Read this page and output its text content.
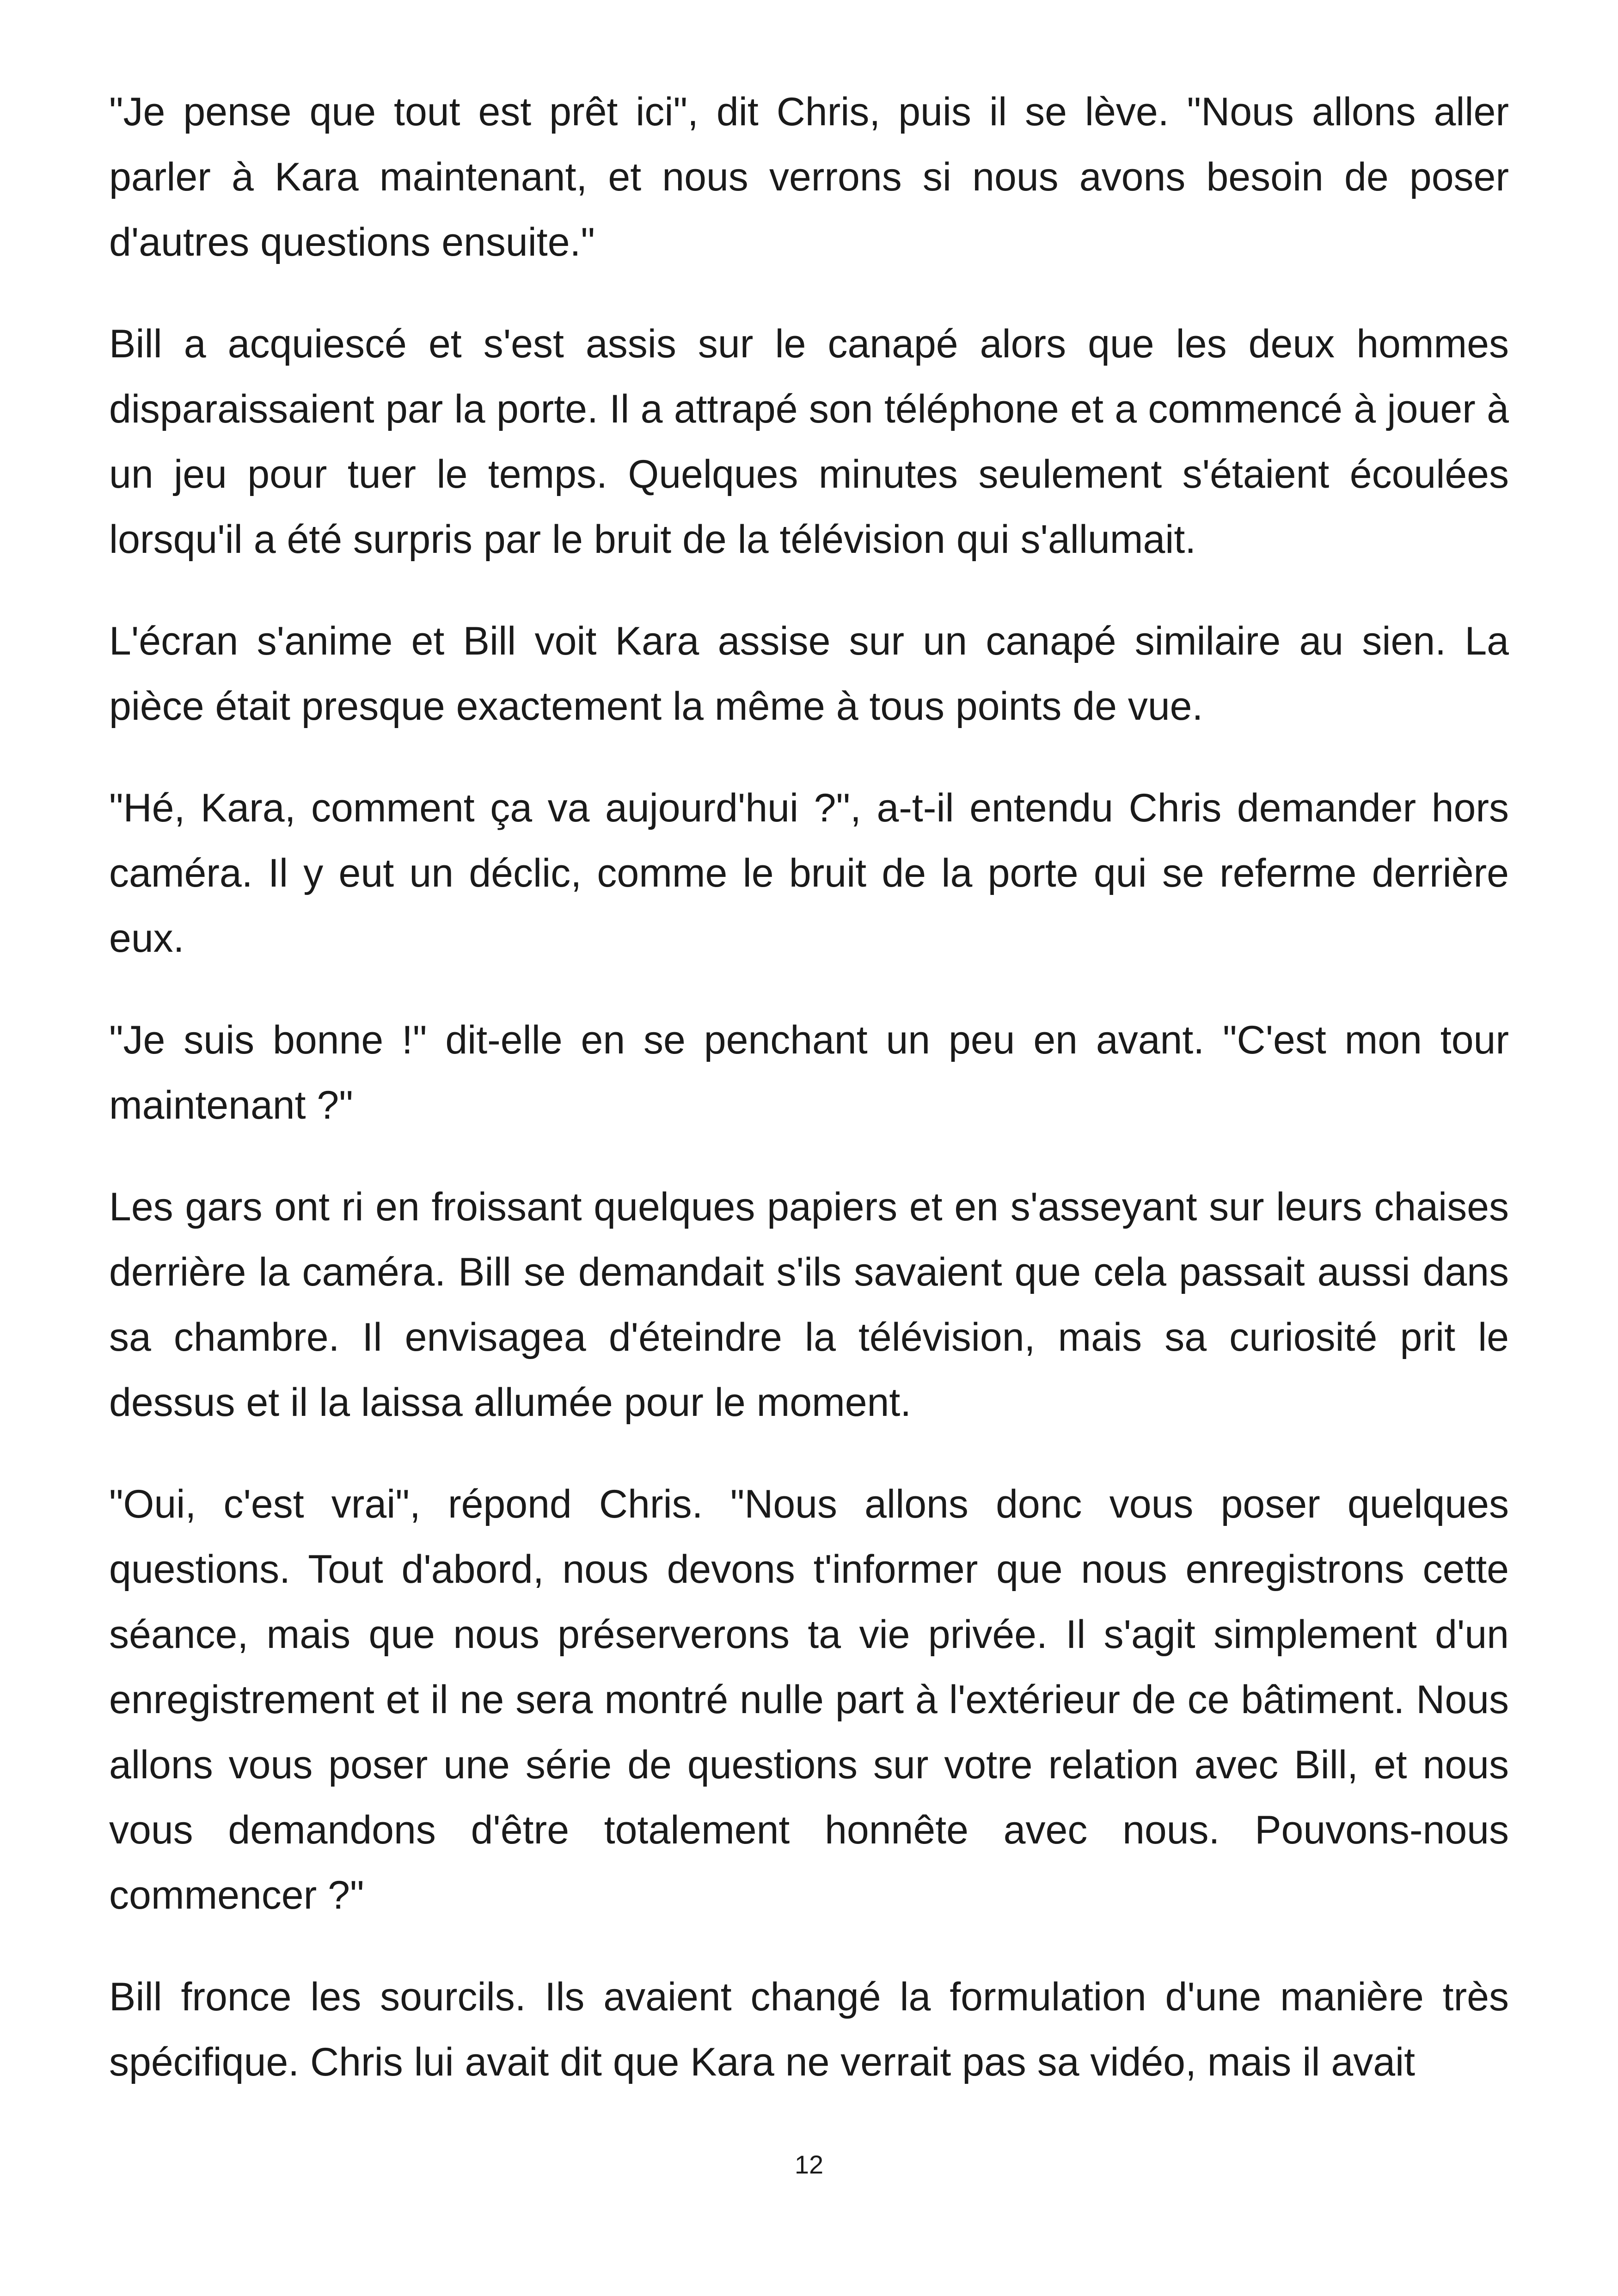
"Je pense que tout est prêt ici", dit Chris, puis il se lève. "Nous allons aller parler à Kara maintenant, et nous verrons si nous avons besoin de poser d'autres questions ensuite."

Bill a acquiescé et s'est assis sur le canapé alors que les deux hommes disparaissaient par la porte. Il a attrapé son téléphone et a commencé à jouer à un jeu pour tuer le temps. Quelques minutes seulement s'étaient écoulées lorsqu'il a été surpris par le bruit de la télévision qui s'allumait.

L'écran s'anime et Bill voit Kara assise sur un canapé similaire au sien. La pièce était presque exactement la même à tous points de vue.

"Hé, Kara, comment ça va aujourd'hui ?", a-t-il entendu Chris demander hors caméra. Il y eut un déclic, comme le bruit de la porte qui se referme derrière eux.

"Je suis bonne !" dit-elle en se penchant un peu en avant. "C'est mon tour maintenant ?"

Les gars ont ri en froissant quelques papiers et en s'asseyant sur leurs chaises derrière la caméra. Bill se demandait s'ils savaient que cela passait aussi dans sa chambre. Il envisagea d'éteindre la télévision, mais sa curiosité prit le dessus et il la laissa allumée pour le moment.

"Oui, c'est vrai", répond Chris. "Nous allons donc vous poser quelques questions. Tout d'abord, nous devons t'informer que nous enregistrons cette séance, mais que nous préserverons ta vie privée. Il s'agit simplement d'un enregistrement et il ne sera montré nulle part à l'extérieur de ce bâtiment. Nous allons vous poser une série de questions sur votre relation avec Bill, et nous vous demandons d'être totalement honnête avec nous. Pouvons-nous commencer ?"

Bill fronce les sourcils. Ils avaient changé la formulation d'une manière très spécifique. Chris lui avait dit que Kara ne verrait pas sa vidéo, mais il avait

12
